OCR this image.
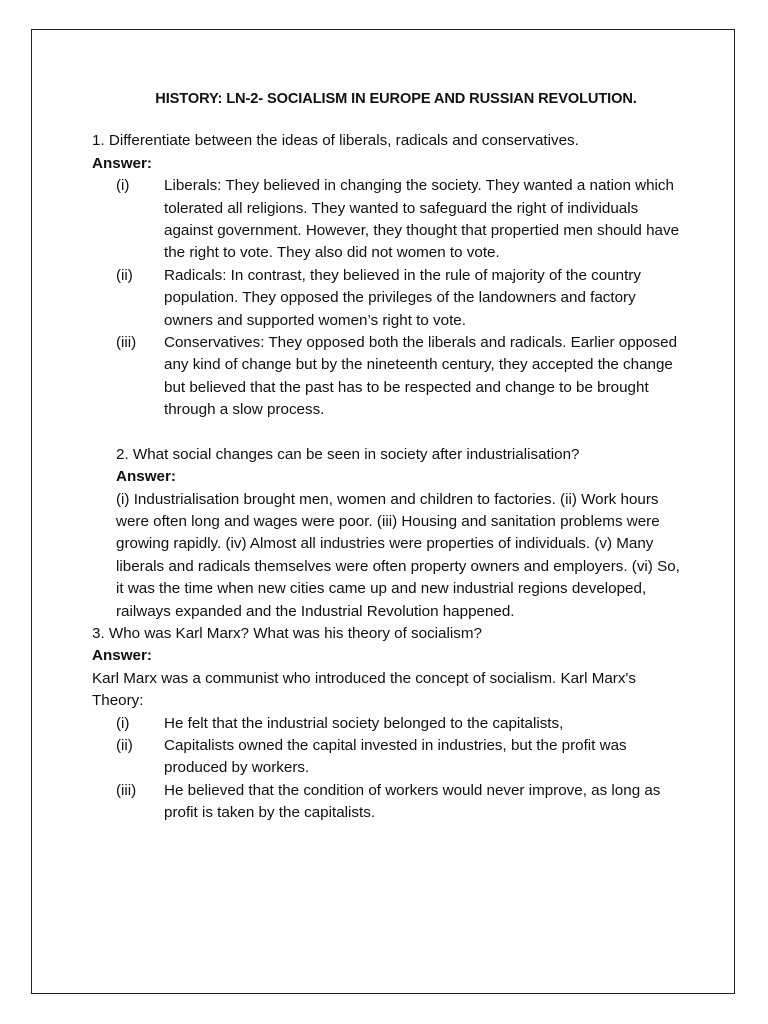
HISTORY: LN-2- SOCIALISM IN EUROPE AND RUSSIAN REVOLUTION.

1. Differentiate between the ideas of liberals, radicals and conservatives.

Answer:

(i)	Liberals: They believed in changing the society. They wanted a nation which tolerated all religions. They wanted to safeguard the right of individuals against government. However, they thought that propertied men should have the right to vote. They also did not women to vote.
(ii)	Radicals: In contrast, they believed in the rule of majority of the country population. They opposed the privileges of the landowners and factory owners and supported women’s right to vote.
(iii)	Conservatives: They opposed both the liberals and radicals. Earlier opposed any kind of change but by the nineteenth century, they accepted the change but believed that the past has to be respected and change to be brought through a slow process.

2. What social changes can be seen in society after industrialisation?

Answer:

(i) Industrialisation brought men, women and children to factories. (ii) Work hours were often long and wages were poor. (iii) Housing and sanitation problems were growing rapidly. (iv) Almost all industries were properties of individuals. (v) Many liberals and radicals themselves were often property owners and employers. (vi) So, it was the time when new cities came up and new industrial regions developed, railways expanded and the Industrial Revolution happened.

3. Who was Karl Marx? What was his theory of socialism?

Answer:

Karl Marx was a communist who introduced the concept of socialism. Karl Marx's Theory:

(i)	He felt that the industrial society belonged to the capitalists,
(ii)	Capitalists owned the capital invested in industries, but the profit was produced by workers.
(iii)	He believed that the condition of workers would never improve, as long as profit is taken by the capitalists.
